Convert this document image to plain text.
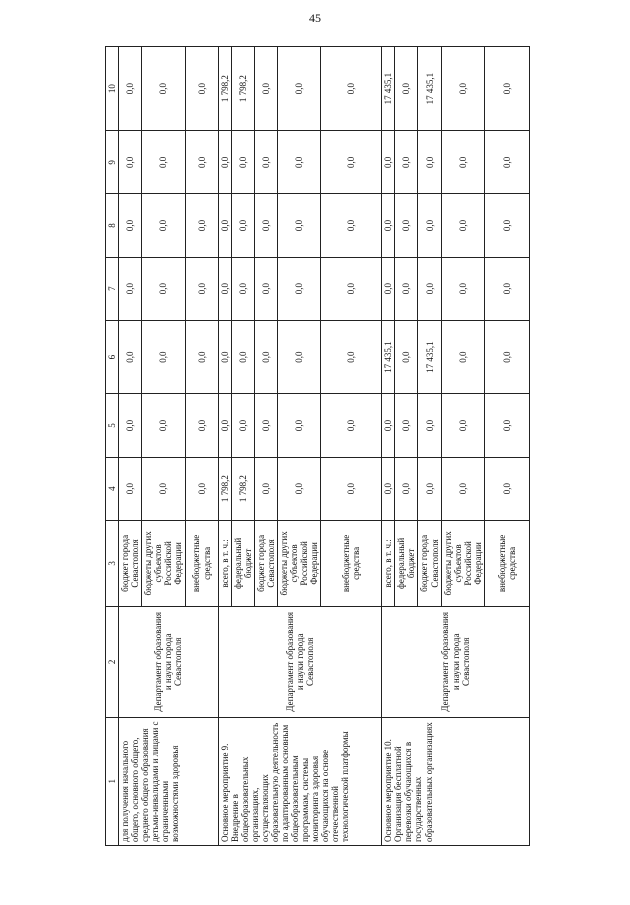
45
1	2	3	4	5	6	7	8	9	10
для получения начального общего, основного общего, среднего общего образования детьми-инвалидами и лицами с ограниченными возможностями здоровья	Департамент образования и науки города Севастополя	бюджет города Севастополя	0,0	0,0	0,0	0,0	0,0	0,0	0,0
		бюджеты других субъектов Российской Федерации	0,0	0,0	0,0	0,0	0,0	0,0	0,0
		внебюджетные средства	0,0	0,0	0,0	0,0	0,0	0,0	0,0
Основное мероприятие 9. Внедрение в общеобразовательных организациях, осуществляющих образовательную деятельность по адаптированным основным общеобразовательным программам, системы мониторинга здоровья обучающихся на основе отечественной технологической платформы	Департамент образования и науки города Севастополя	всего, в т. ч.:	1 798,2	0,0	0,0	0,0	0,0	0,0	1 798,2
		федеральный бюджет	1 798,2	0,0	0,0	0,0	0,0	0,0	1 798,2
		бюджет города Севастополя	0,0	0,0	0,0	0,0	0,0	0,0	0,0
		бюджеты других субъектов Российской Федерации	0,0	0,0	0,0	0,0	0,0	0,0	0,0
		внебюджетные средства	0,0	0,0	0,0	0,0	0,0	0,0	0,0
Основное мероприятие 10. Организация бесплатной перевозки обучающихся в государственных образовательных организациях	Департамент образования и науки города Севастополя	всего, в т. ч.:	0,0	0,0	17 435,1	0,0	0,0	0,0	17 435,1
		федеральный бюджет	0,0	0,0	0,0	0,0	0,0	0,0	0,0
		бюджет города Севастополя	0,0	0,0	17 435,1	0,0	0,0	0,0	17 435,1
		бюджеты других субъектов Российской Федерации	0,0	0,0	0,0	0,0	0,0	0,0	0,0
		внебюджетные средства	0,0	0,0	0,0	0,0	0,0	0,0	0,0
